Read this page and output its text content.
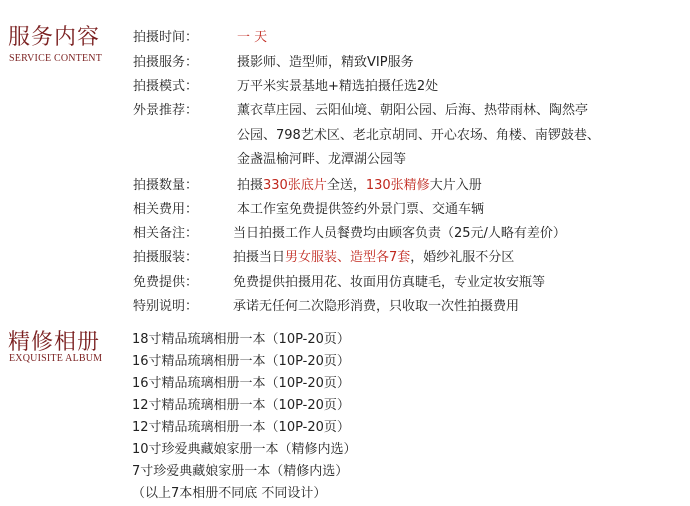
服务内容
SERVICE CONTENT
拍摄时间：	一 天
拍摄服务：	摄影师、造型师，精致VIP服务
拍摄模式：	万平米实景基地+精选拍摄任选2处
外景推荐：	薰衣草庄园、云阳仙境、朝阳公园、后海、热带雨林、陶然亭
公园、798艺术区、老北京胡同、开心农场、角楼、南锣鼓巷、
金盏温榆河畔、龙潭湖公园等
拍摄数量：	拍摄330张底片全送，130张精修大片入册
相关费用：	本工作室免费提供签约外景门票、交通车辆
相关备注：	当日拍摄工作人员餐费均由顾客负责（25元/人略有差价）
拍摄服装：	拍摄当日男女服装、造型各7套，婚纱礼服不分区
免费提供：	免费提供拍摄用花、妆面用仿真睫毛，专业定妆安瓶等
特别说明：	承诺无任何二次隐形消费，只收取一次性拍摄费用
精修相册
EXQUISITE ALBUM
18寸精品琉璃相册一本（10P-20页）
16寸精品琉璃相册一本（10P-20页）
16寸精品琉璃相册一本（10P-20页）
12寸精品琉璃相册一本（10P-20页）
12寸精品琉璃相册一本（10P-20页）
10寸珍爱典藏娘家册一本（精修内选）
7寸珍爱典藏娘家册一本（精修内选）
（以上7本相册不同底 不同设计）
